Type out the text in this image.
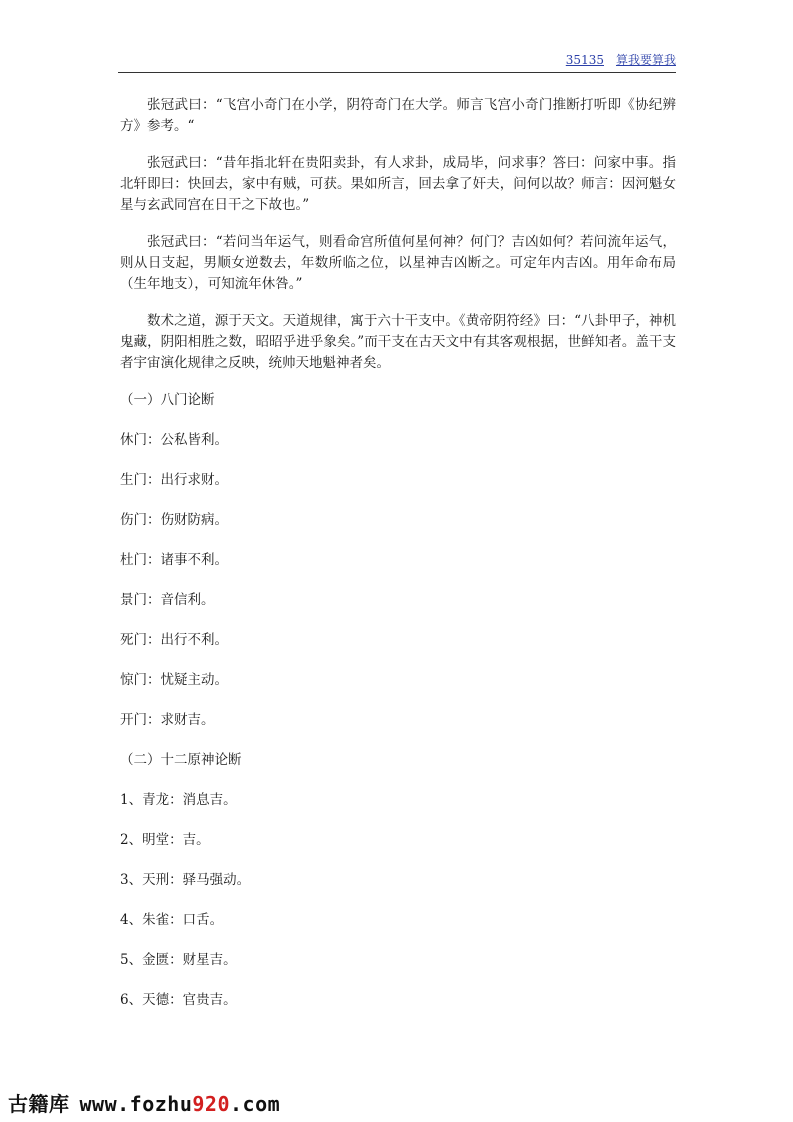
35135 算我要算我

张冠武曰：“飞宫小奇门在小学，阴符奇门在大学。师言飞宫小奇门推断打听即《协纪辨方》参考。“

张冠武曰：“昔年指北轩在贵阳卖卦，有人求卦，成局毕，问求事？答曰：问家中事。指北轩即曰：快回去，家中有贼，可获。果如所言，回去拿了奸夫，问何以故？师言：因河魁女星与玄武同宫在日干之下故也。”

张冠武曰：“若问当年运气，则看命宫所值何星何神？何门？吉凶如何？若问流年运气，则从日支起，男顺女逆数去，年数所临之位，以星神吉凶断之。可定年内吉凶。用年命布局（生年地支），可知流年休咎。”

数术之道，源于天文。天道规律，寓于六十干支中。《黄帝阴符经》曰：“八卦甲子，神机鬼藏，阴阳相胜之数，昭昭乎进乎象矣。”而干支在古天文中有其客观根据，世鲜知者。盖干支者宇宙演化规律之反映，统帅天地魁神者矣。

（一）八门论断
休门：公私皆利。
生门：出行求财。
伤门：伤财防病。
杜门：诸事不利。
景门：音信利。
死门：出行不利。
惊门：忧疑主动。
开门：求财吉。
（二）十二原神论断
1、青龙：消息吉。
2、明堂：吉。
3、天刑：驿马强动。
4、朱雀：口舌。
5、金匮：财星吉。
6、天德：官贵吉。
古籍库 www.fozhu920.com
